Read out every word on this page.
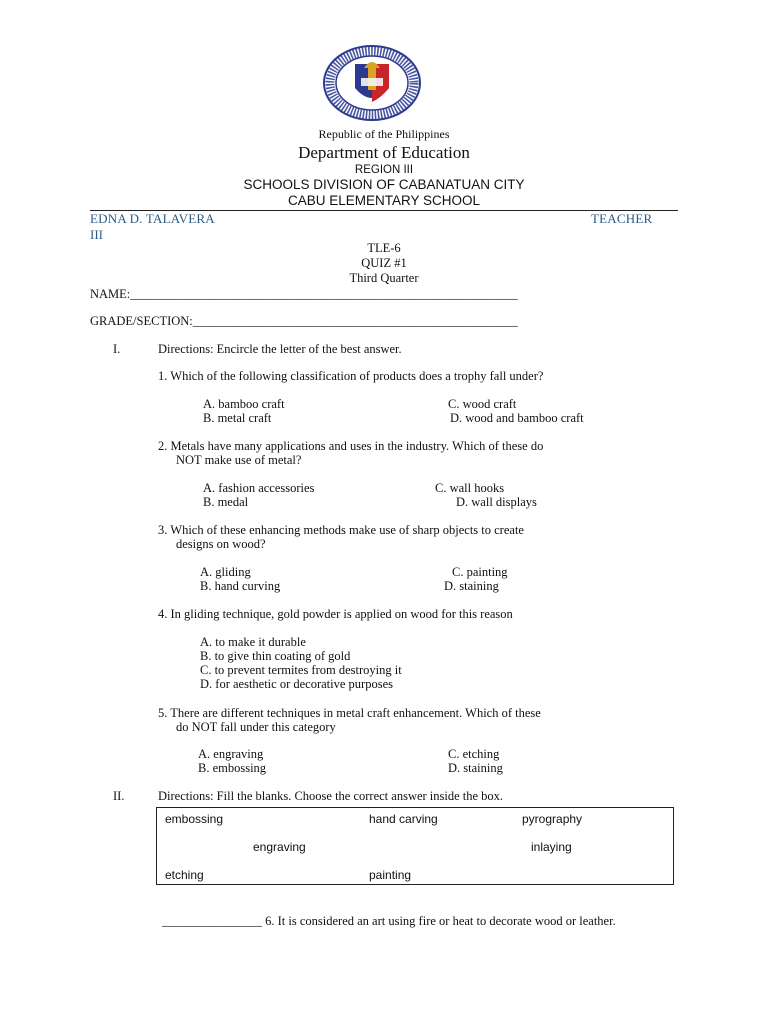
Republic of the Philippines
Department of Education
REGION III
SCHOOLS DIVISION OF CABANATUAN CITY
CABU ELEMENTARY SCHOOL
EDNA D. TALAVERA	TEACHER
III
TLE-6
QUIZ #1
Third Quarter
NAME:______________________________________________________________
GRADE/SECTION:____________________________________________________
I.	Directions: Encircle the letter of the best answer.
1. Which of the following classification of products does a trophy fall under?
A. bamboo craft
B. metal craft
C. wood craft
D. wood and bamboo craft
2. Metals have many applications and uses in the industry. Which of these do
NOT make use of metal?
A. fashion accessories
B. medal
C. wall hooks
D. wall displays
3. Which of these enhancing methods make use of sharp objects to create
designs on wood?
A. gliding
B. hand curving
C. painting
D. staining
4. In gliding technique, gold powder is applied on wood for this reason
A. to make it durable
B. to give thin coating of gold
C. to prevent termites from destroying it
D. for aesthetic or decorative purposes
5. There are different techniques in metal craft enhancement. Which of these
do NOT fall under this category
A. engraving
B. embossing
C. etching
D. staining
II.	Directions: Fill the blanks. Choose the correct answer inside the box.
embossing	hand carving	pyrography
engraving	inlaying
etching	painting
________________ 6. It is considered an art using fire or heat to decorate wood or leather.
